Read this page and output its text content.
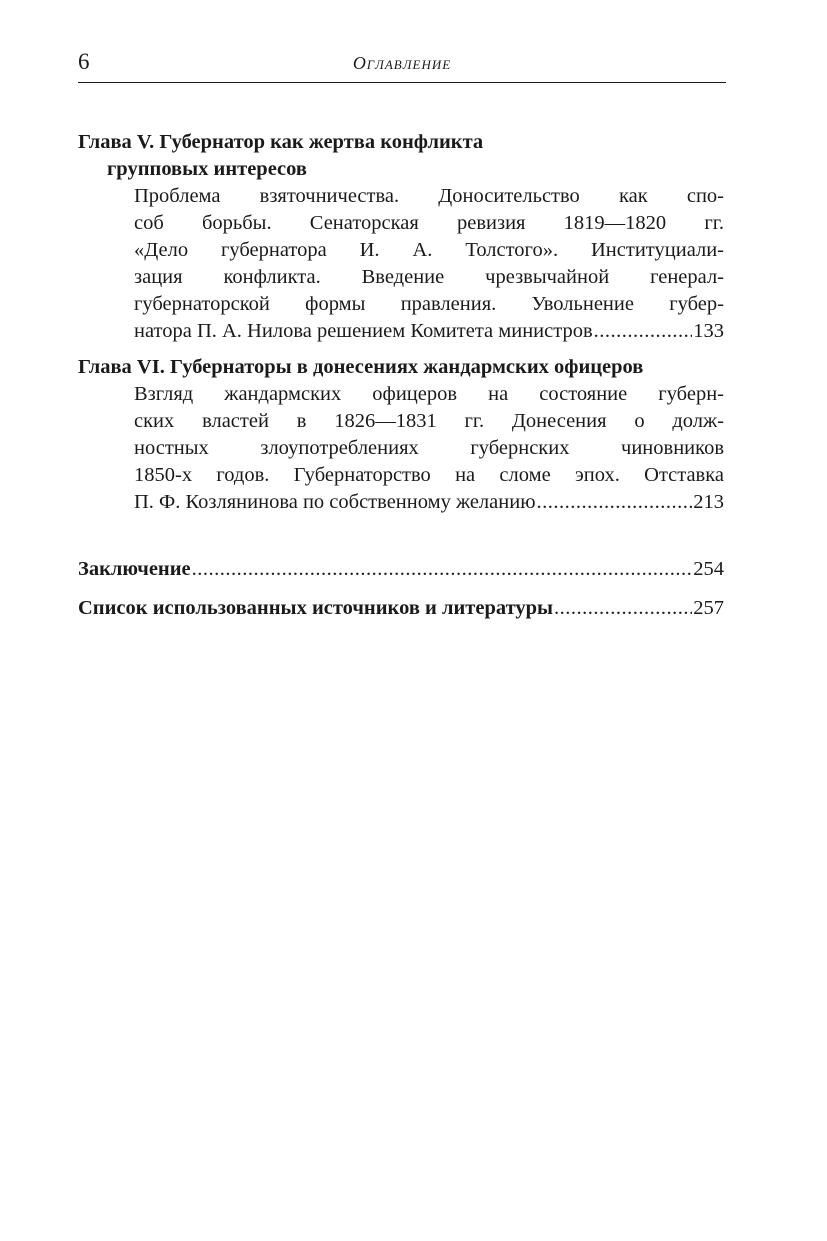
6	Оглавление
Глава V. Губернатор как жертва конфликта
групповых интересов
Проблема взяточничества. Доносительство как спо-
соб борьбы. Сенаторская ревизия 1819—1820 гг.
«Дело губернатора И. А. Толстого». Институциали-
зация конфликта. Введение чрезвычайной генерал-
губернаторской формы правления. Увольнение губер-
натора П. А. Нилова решением Комитета министров .....	133
Глава VI. Губернаторы в донесениях жандармских офицеров
Взгляд жандармских офицеров на состояние губерн-
ских властей в 1826—1831 гг. Донесения о долж-
ностных злоупотреблениях губернских чиновников
1850-х годов. Губернаторство на сломе эпох. Отставка
П. Ф. Козлянинова по собственному желанию .....	213
Заключение .....	254
Список использованных источников и литературы .....	257
